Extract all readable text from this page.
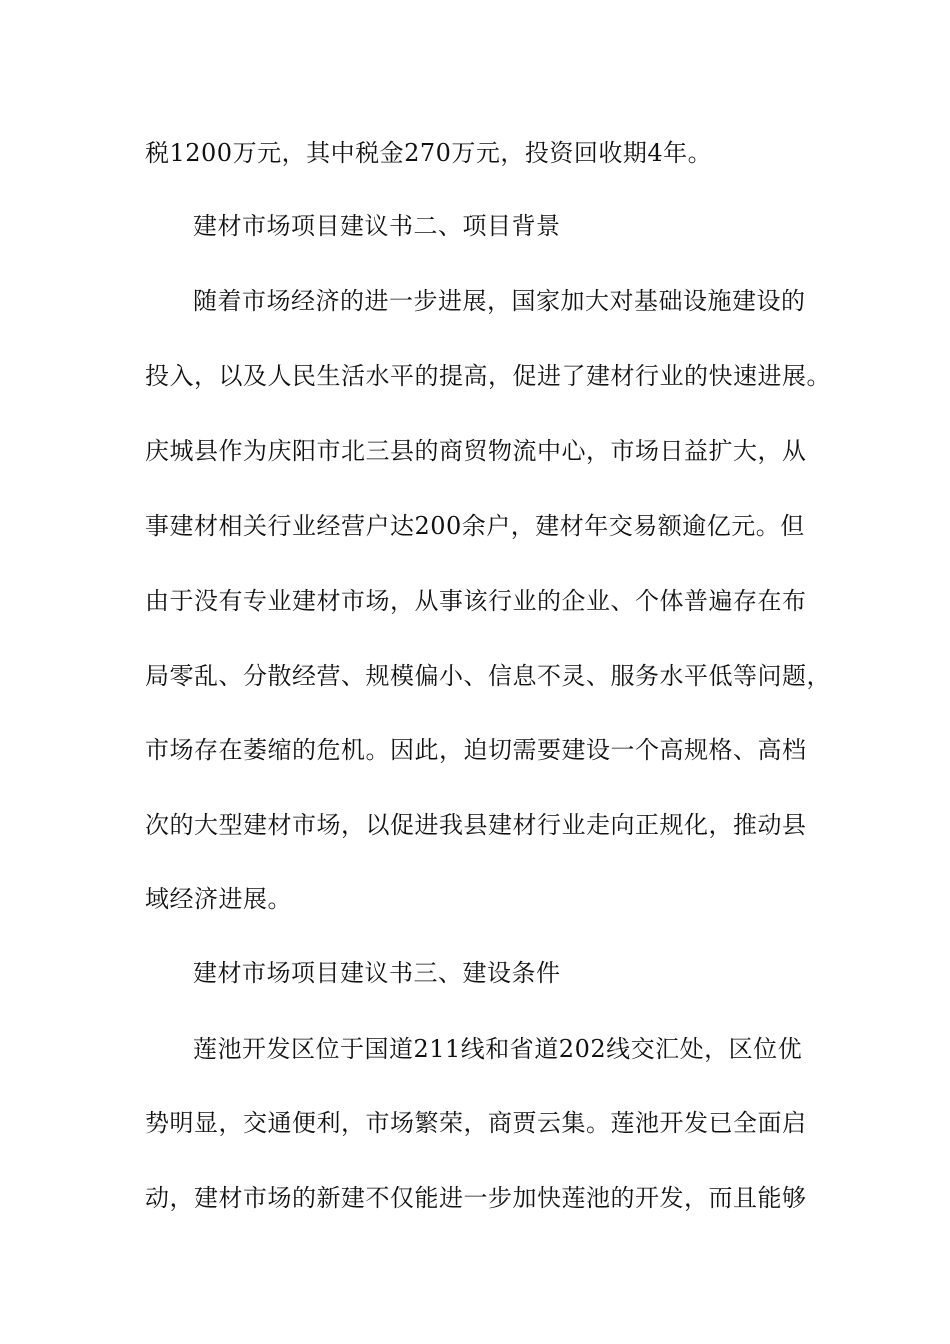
税1200万元，其中税金270万元，投资回收期4年。
建材市场项目建议书二、项目背景
随着市场经济的进一步进展，国家加大对基础设施建设的
投入，以及人民生活水平的提高，促进了建材行业的快速进展。
庆城县作为庆阳市北三县的商贸物流中心，市场日益扩大，从
事建材相关行业经营户达200余户，建材年交易额逾亿元。但
由于没有专业建材市场，从事该行业的企业、个体普遍存在布
局零乱、分散经营、规模偏小、信息不灵、服务水平低等问题，
市场存在萎缩的危机。因此，迫切需要建设一个高规格、高档
次的大型建材市场，以促进我县建材行业走向正规化，推动县
域经济进展。
建材市场项目建议书三、建设条件
莲池开发区位于国道211线和省道202线交汇处，区位优
势明显，交通便利，市场繁荣，商贾云集。莲池开发已全面启
动，建材市场的新建不仅能进一步加快莲池的开发，而且能够
